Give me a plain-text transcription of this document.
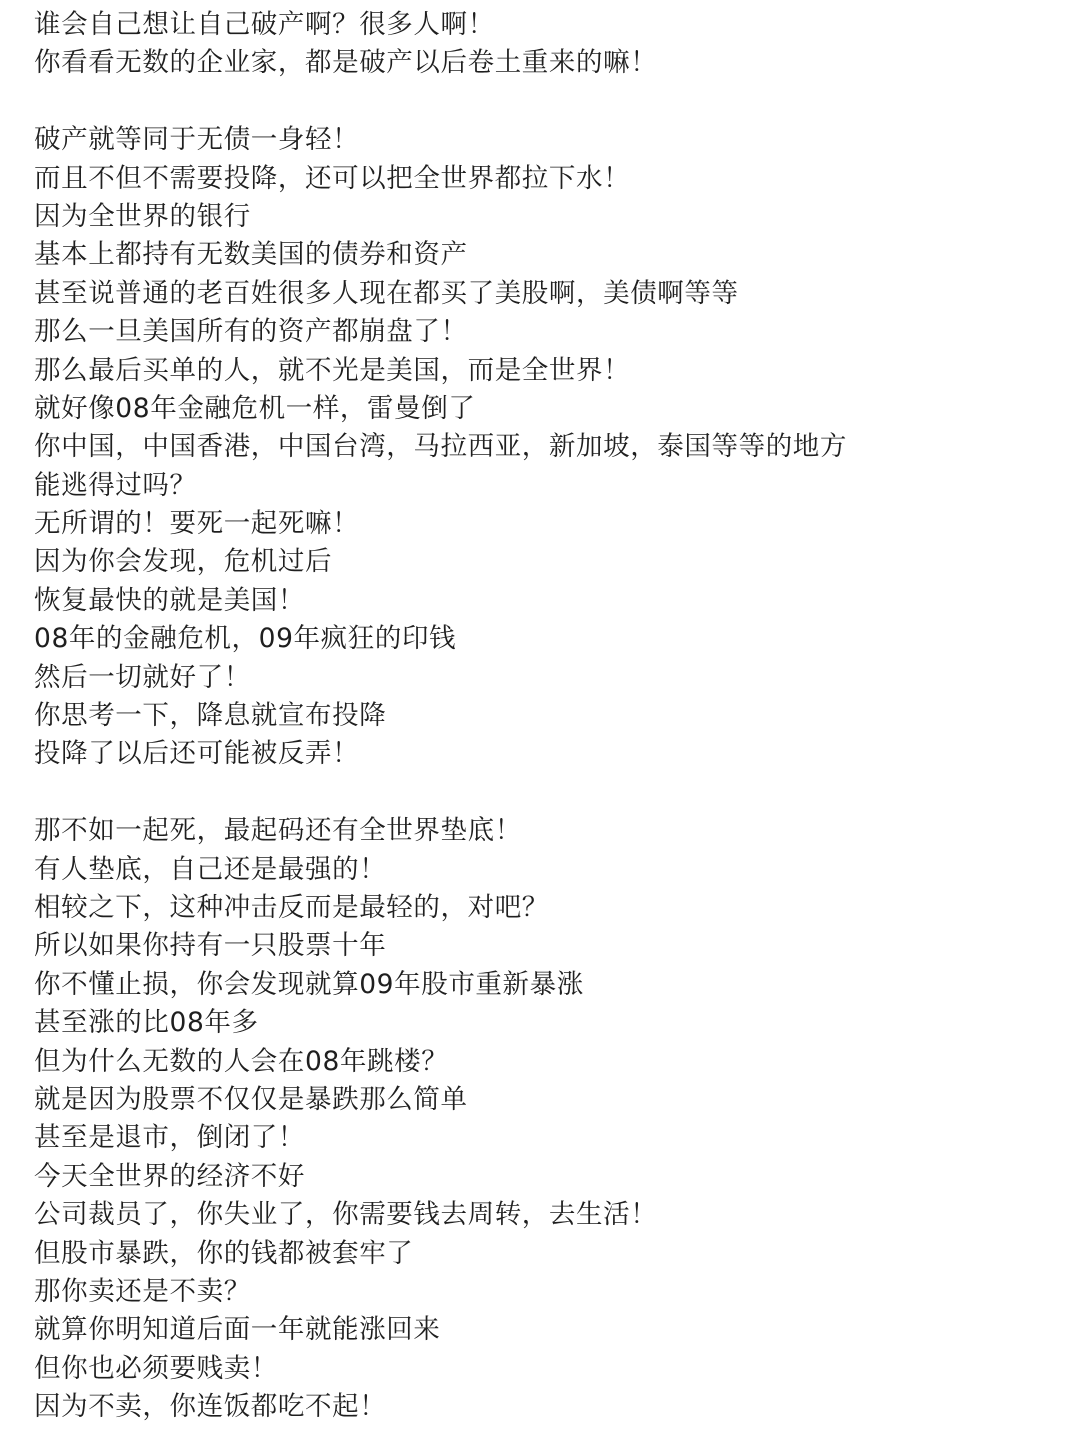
谁会自己想让自己破产啊？很多人啊！
你看看无数的企业家，都是破产以后卷土重来的嘛！
破产就等同于无债一身轻！
而且不但不需要投降，还可以把全世界都拉下水！
因为全世界的银行
基本上都持有无数美国的债券和资产
甚至说普通的老百姓很多人现在都买了美股啊，美债啊等等
那么一旦美国所有的资产都崩盘了！
那么最后买单的人，就不光是美国，而是全世界！
就好像08年金融危机一样，雷曼倒了
你中国，中国香港，中国台湾，马拉西亚，新加坡，泰国等等的地方
能逃得过吗？
无所谓的！要死一起死嘛！
因为你会发现，危机过后
恢复最快的就是美国！
08年的金融危机，09年疯狂的印钱
然后一切就好了！
你思考一下，降息就宣布投降
投降了以后还可能被反弄！
那不如一起死，最起码还有全世界垫底！
有人垫底，自己还是最强的！
相较之下，这种冲击反而是最轻的，对吧？
所以如果你持有一只股票十年
你不懂止损，你会发现就算09年股市重新暴涨
甚至涨的比08年多
但为什么无数的人会在08年跳楼？
就是因为股票不仅仅是暴跌那么简单
甚至是退市，倒闭了！
今天全世界的经济不好
公司裁员了，你失业了，你需要钱去周转，去生活！
但股市暴跌，你的钱都被套牢了
那你卖还是不卖？
就算你明知道后面一年就能涨回来
但你也必须要贱卖！
因为不卖，你连饭都吃不起！
